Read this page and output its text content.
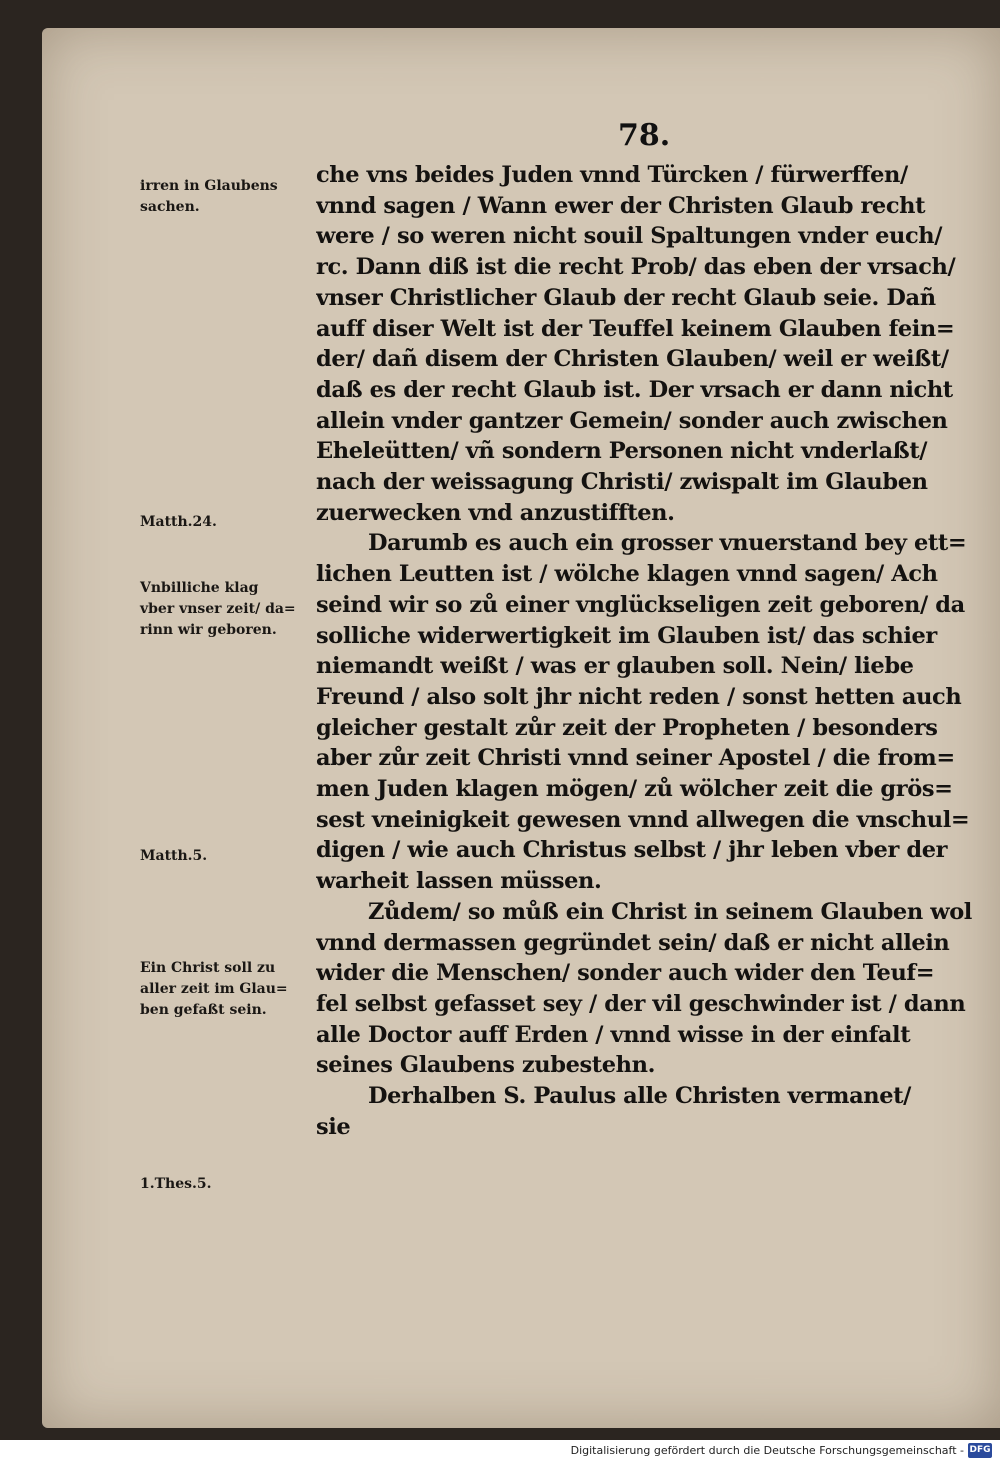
78.
che vns beides Juden vnnd Türcken / fürwerffen/
vnnd sagen / Wann ewer der Christen Glaub recht
were / so weren nicht souil Spaltungen vnder euch/
rc. Dann diß ist die recht Prob/ das eben der vrsach/
vnser Christlicher Glaub der recht Glaub seie. Dañ
auff diser Welt ist der Teuffel keinem Glauben fein=
der/ dañ disem der Christen Glauben/ weil er weißt/
daß es der recht Glaub ist. Der vrsach er dann nicht
allein vnder gantzer Gemein/ sonder auch zwischen
Eheleütten/ vñ sondern Personen nicht vnderlaßt/
nach der weissagung Christi/ zwispalt im Glauben
zuerwecken vnd anzustifften.
Darumb es auch ein grosser vnuerstand bey ett=
lichen Leutten ist / wölche klagen vnnd sagen/ Ach
seind wir so zů einer vnglückseligen zeit geboren/ da
solliche widerwertigkeit im Glauben ist/ das schier
niemandt weißt / was er glauben soll. Nein/ liebe
Freund / also solt jhr nicht reden / sonst hetten auch
gleicher gestalt zůr zeit der Propheten / besonders
aber zůr zeit Christi vnnd seiner Apostel / die from=
men Juden klagen mögen/ zů wölcher zeit die grös=
sest vneinigkeit gewesen vnnd allwegen die vnschul=
digen / wie auch Christus selbst / jhr leben vber der
warheit lassen müssen.
Zůdem/ so můß ein Christ in seinem Glauben wol
vnnd dermassen gegründet sein/ daß er nicht allein
wider die Menschen/ sonder auch wider den Teuf=
fel selbst gefasset sey / der vil geschwinder ist / dann
alle Doctor auff Erden / vnnd wisse in der einfalt
seines Glaubens zubestehn.
Derhalben S. Paulus alle Christen vermanet/
sie
irren in Glaubens
sachen.
Matth.24.
Vnbilliche klag
vber vnser zeit/ da=
rinn wir geboren.
Matth.5.
Ein Christ soll zu
aller zeit im Glau=
ben gefaßt sein.
1.Thes.5.
Digitalisierung gefördert durch die Deutsche Forschungsgemeinschaft - DFG
